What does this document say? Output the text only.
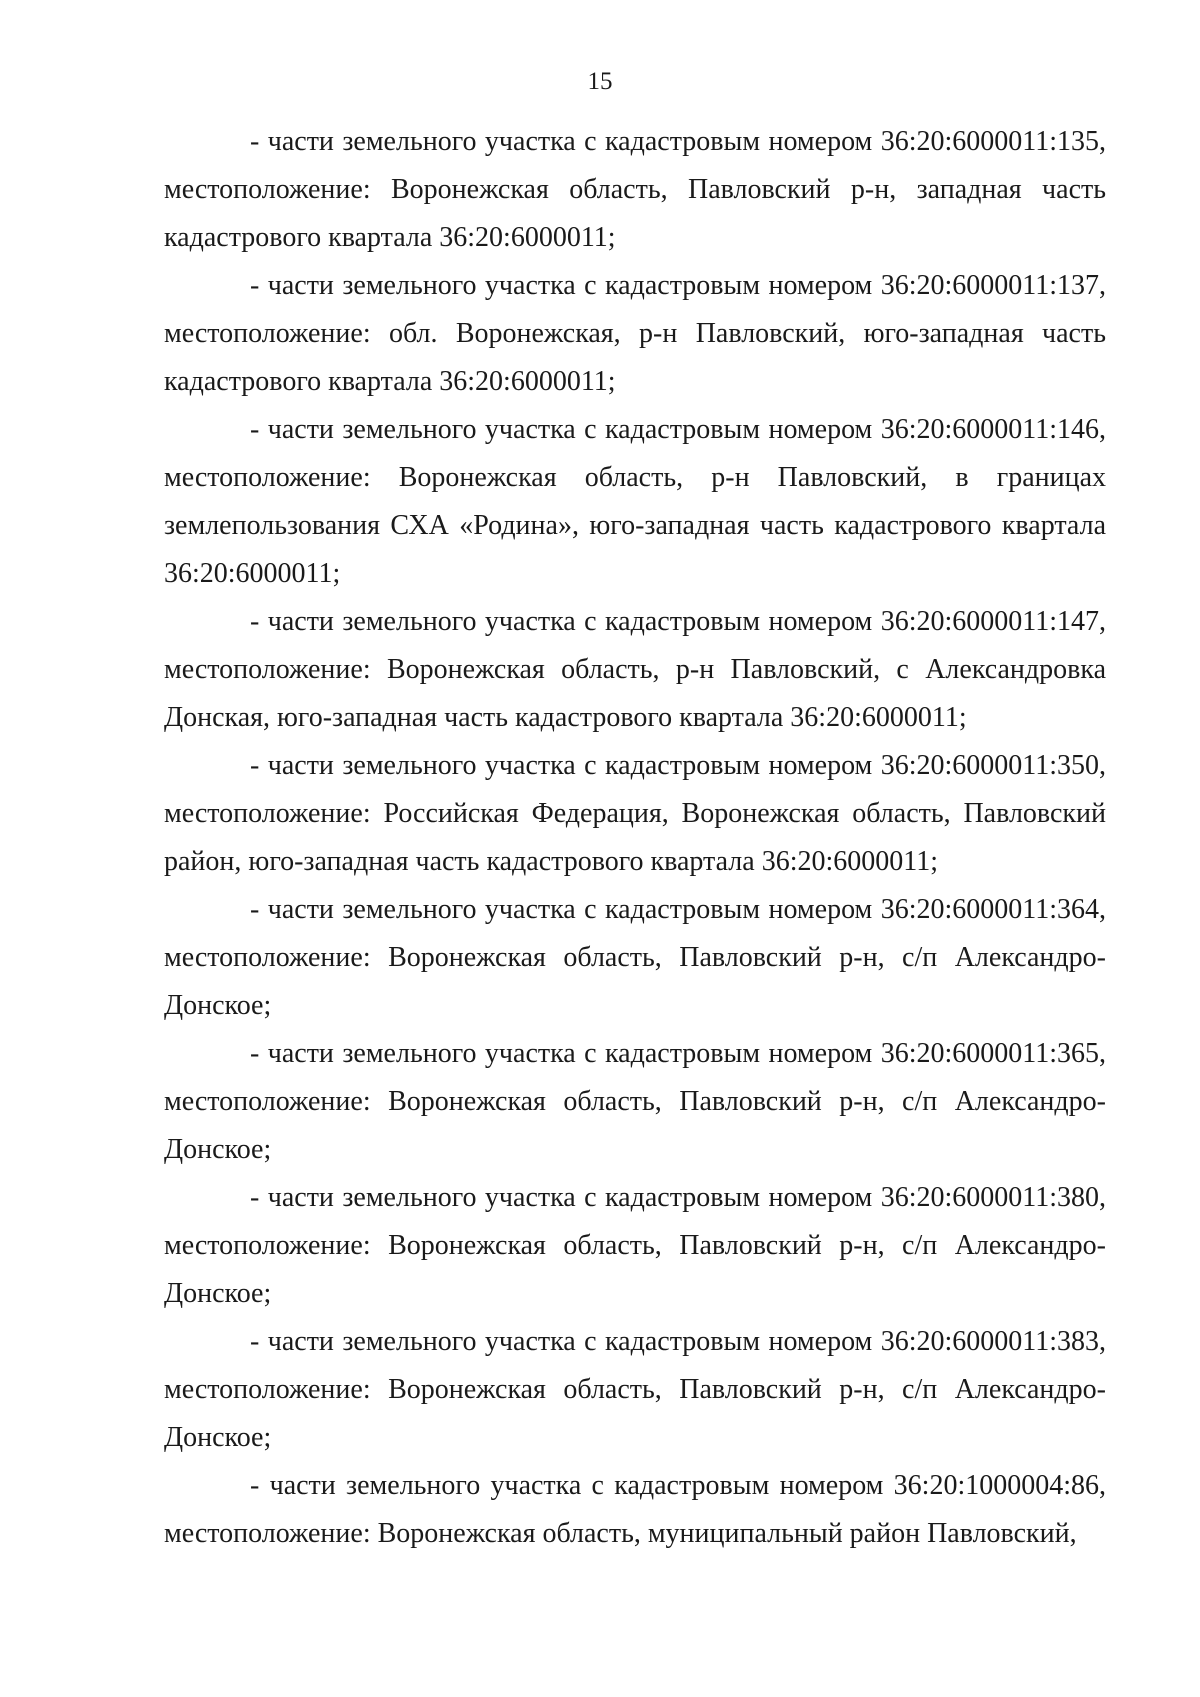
15

- части земельного участка с кадастровым номером 36:20:6000011:135, местоположение: Воронежская область, Павловский р-н, западная часть кадастрового квартала 36:20:6000011;

- части земельного участка с кадастровым номером 36:20:6000011:137, местоположение: обл. Воронежская, р-н Павловский, юго-западная часть кадастрового квартала 36:20:6000011;

- части земельного участка с кадастровым номером 36:20:6000011:146, местоположение: Воронежская область, р-н Павловский, в границах землепользования СХА «Родина», юго-западная часть кадастрового квартала 36:20:6000011;

- части земельного участка с кадастровым номером 36:20:6000011:147, местоположение: Воронежская область, р-н Павловский, с Александровка Донская, юго-западная часть кадастрового квартала 36:20:6000011;

- части земельного участка с кадастровым номером 36:20:6000011:350, местоположение: Российская Федерация, Воронежская область, Павловский район, юго-западная часть кадастрового квартала 36:20:6000011;

- части земельного участка с кадастровым номером 36:20:6000011:364, местоположение: Воронежская область, Павловский р-н, с/п Александро-Донское;

- части земельного участка с кадастровым номером 36:20:6000011:365, местоположение: Воронежская область, Павловский р-н, с/п Александро-Донское;

- части земельного участка с кадастровым номером 36:20:6000011:380, местоположение: Воронежская область, Павловский р-н, с/п Александро-Донское;

- части земельного участка с кадастровым номером 36:20:6000011:383, местоположение: Воронежская область, Павловский р-н, с/п Александро-Донское;

- части земельного участка с кадастровым номером 36:20:1000004:86, местоположение: Воронежская область, муниципальный район Павловский,
